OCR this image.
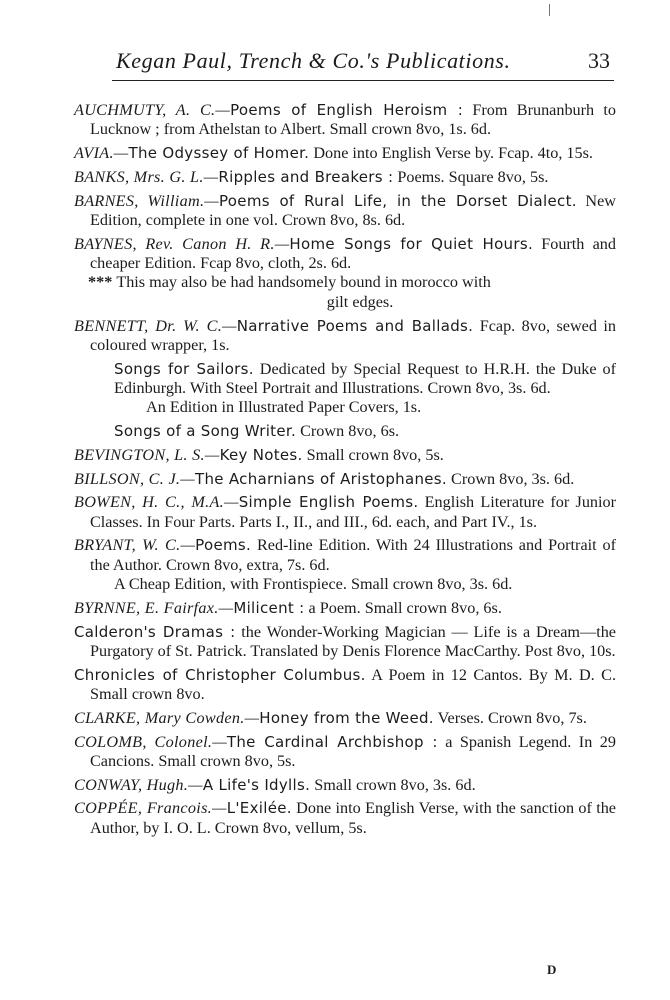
Kegan Paul, Trench & Co.'s Publications.	33

AUCHMUTY, A. C.—Poems of English Heroism : From Brunanburh to Lucknow ; from Athelstan to Albert. Small crown 8vo, 1s. 6d.

AVIA.—The Odyssey of Homer. Done into English Verse by. Fcap. 4to, 15s.

BANKS, Mrs. G. L.—Ripples and Breakers : Poems. Square 8vo, 5s.

BARNES, William.—Poems of Rural Life, in the Dorset Dialect. New Edition, complete in one vol. Crown 8vo, 8s. 6d.

BAYNES, Rev. Canon H. R.—Home Songs for Quiet Hours. Fourth and cheaper Edition. Fcap 8vo, cloth, 2s. 6d.

*** This may also be had handsomely bound in morocco with
gilt edges.

BENNETT, Dr. W. C.—Narrative Poems and Ballads. Fcap. 8vo, sewed in coloured wrapper, 1s.

Songs for Sailors. Dedicated by Special Request to H.R.H. the Duke of Edinburgh. With Steel Portrait and Illustrations. Crown 8vo, 3s. 6d.
An Edition in Illustrated Paper Covers, 1s.

Songs of a Song Writer. Crown 8vo, 6s.

BEVINGTON, L. S.—Key Notes. Small crown 8vo, 5s.

BILLSON, C. J.—The Acharnians of Aristophanes. Crown 8vo, 3s. 6d.

BOWEN, H. C., M.A.—Simple English Poems. English Literature for Junior Classes. In Four Parts. Parts I., II., and III., 6d. each, and Part IV., 1s.

BRYANT, W. C.—Poems. Red-line Edition. With 24 Illustrations and Portrait of the Author. Crown 8vo, extra, 7s. 6d.
A Cheap Edition, with Frontispiece. Small crown 8vo, 3s. 6d.

BYRNNE, E. Fairfax.—Milicent : a Poem. Small crown 8vo, 6s.

Calderon's Dramas : the Wonder-Working Magician — Life is a Dream—the Purgatory of St. Patrick. Translated by Denis Florence MacCarthy. Post 8vo, 10s.

Chronicles of Christopher Columbus. A Poem in 12 Cantos. By M. D. C. Small crown 8vo.

CLARKE, Mary Cowden.—Honey from the Weed. Verses. Crown 8vo, 7s.

COLOMB, Colonel.—The Cardinal Archbishop : a Spanish Legend. In 29 Cancions. Small crown 8vo, 5s.

CONWAY, Hugh.—A Life's Idylls. Small crown 8vo, 3s. 6d.

COPPÉE, Francois.—L'Exilée. Done into English Verse, with the sanction of the Author, by I. O. L. Crown 8vo, vellum, 5s.

D
